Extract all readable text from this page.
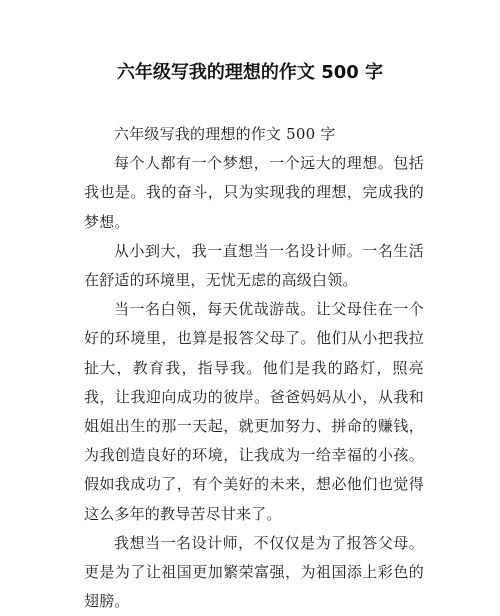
六年级写我的理想的作文 500 字

六年级写我的理想的作文 500 字

每个人都有一个梦想，一个远大的理想。包括我也是。我的奋斗，只为实现我的理想，完成我的梦想。

从小到大，我一直想当一名设计师。一名生活在舒适的环境里，无忧无虑的高级白领。

当一名白领，每天优哉游哉。让父母住在一个好的环境里，也算是报答父母了。他们从小把我拉扯大，教育我，指导我。他们是我的路灯，照亮我，让我迎向成功的彼岸。爸爸妈妈从小，从我和姐姐出生的那一天起，就更加努力、拼命的赚钱，为我创造良好的环境，让我成为一给幸福的小孩。假如我成功了，有个美好的未来，想必他们也觉得这么多年的教导苦尽甘来了。

我想当一名设计师，不仅仅是为了报答父母。更是为了让祖国更加繁荣富强，为祖国添上彩色的翅膀。
